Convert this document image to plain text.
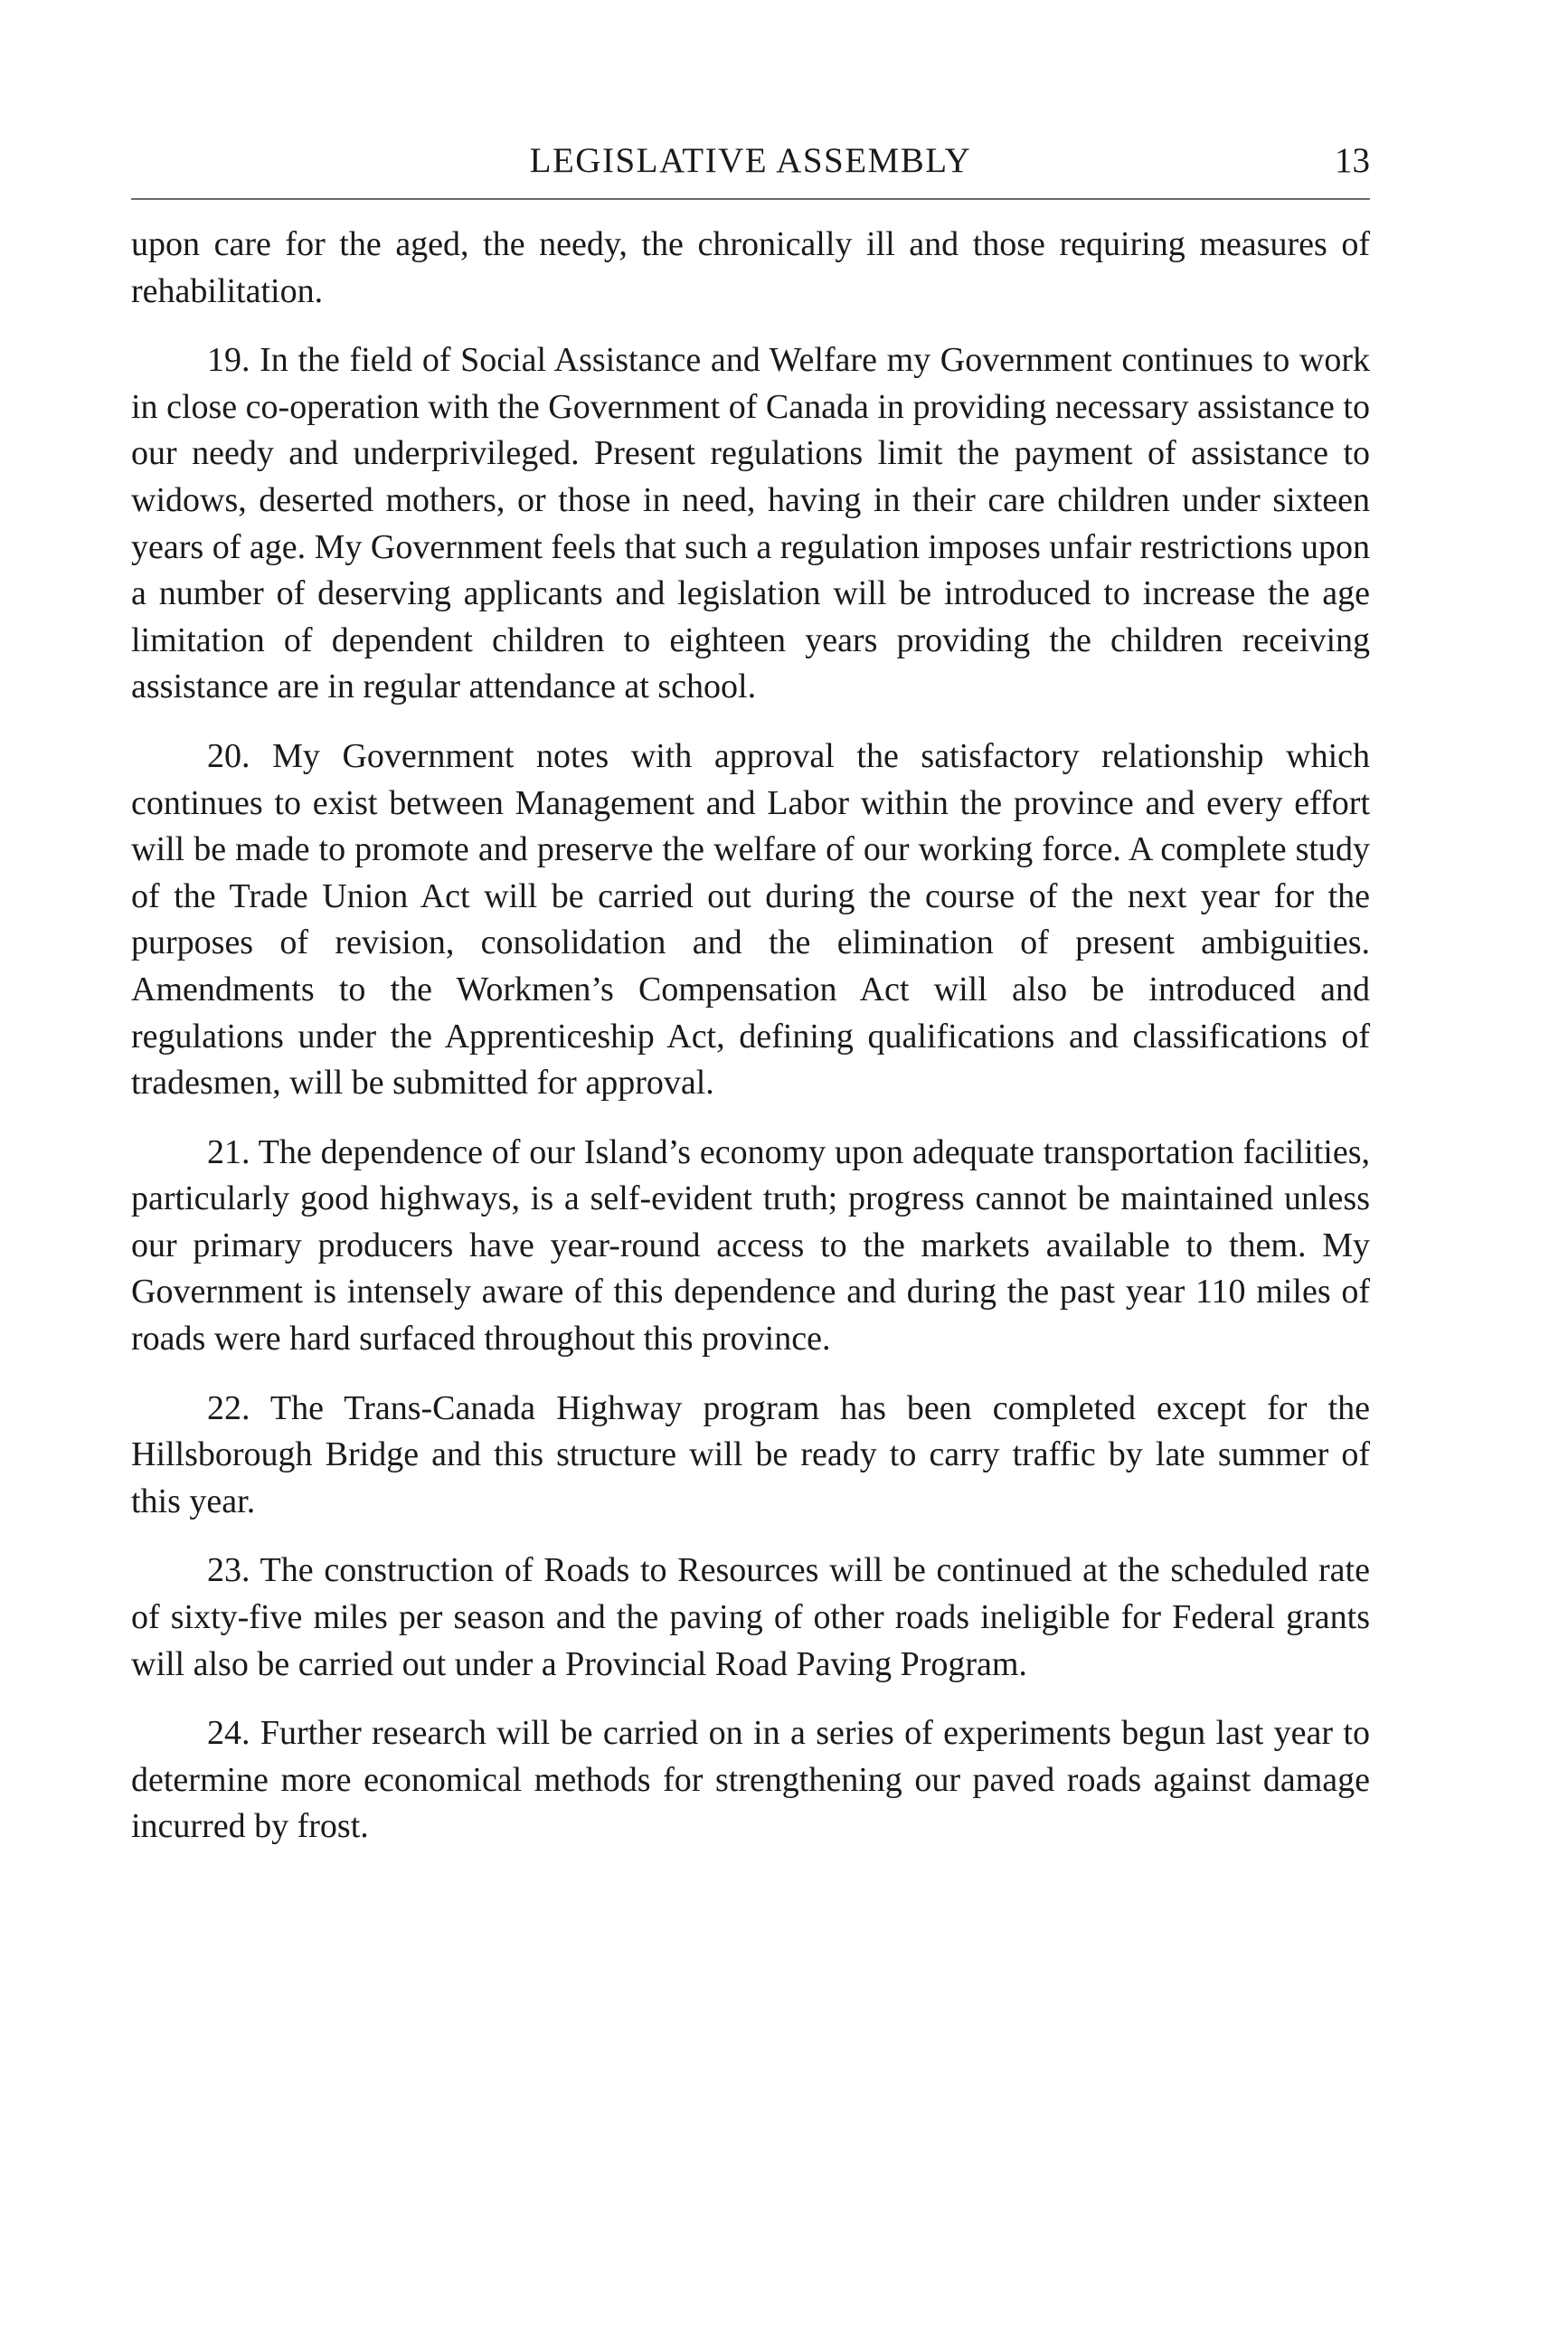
LEGISLATIVE ASSEMBLY	13

upon care for the aged, the needy, the chronically ill and those requiring measures of rehabilitation.

19. In the field of Social Assistance and Welfare my Government continues to work in close co-operation with the Government of Canada in providing necessary assistance to our needy and underprivileged. Present regulations limit the payment of assistance to widows, deserted mothers, or those in need, having in their care children under sixteen years of age. My Government feels that such a regulation imposes unfair restrictions upon a number of deserving applicants and legislation will be introduced to increase the age limitation of dependent children to eighteen years providing the children receiving assistance are in regular attendance at school.

20. My Government notes with approval the satisfactory relationship which continues to exist between Management and Labor within the province and every effort will be made to promote and preserve the welfare of our working force. A complete study of the Trade Union Act will be carried out during the course of the next year for the purposes of revision, consolidation and the elimination of present ambiguities. Amendments to the Workmen’s Compensation Act will also be introduced and regulations under the Apprenticeship Act, defining qualifications and classifications of tradesmen, will be submitted for approval.

21. The dependence of our Island’s economy upon adequate transportation facilities, particularly good highways, is a self-evident truth; progress cannot be maintained unless our primary producers have year-round access to the markets available to them. My Government is intensely aware of this dependence and during the past year 110 miles of roads were hard surfaced throughout this province.

22. The Trans-Canada Highway program has been completed except for the Hillsborough Bridge and this structure will be ready to carry traffic by late summer of this year.

23. The construction of Roads to Resources will be continued at the scheduled rate of sixty-five miles per season and the paving of other roads ineligible for Federal grants will also be carried out under a Provincial Road Paving Program.

24. Further research will be carried on in a series of experiments begun last year to determine more economical methods for strengthening our paved roads against damage incurred by frost.
